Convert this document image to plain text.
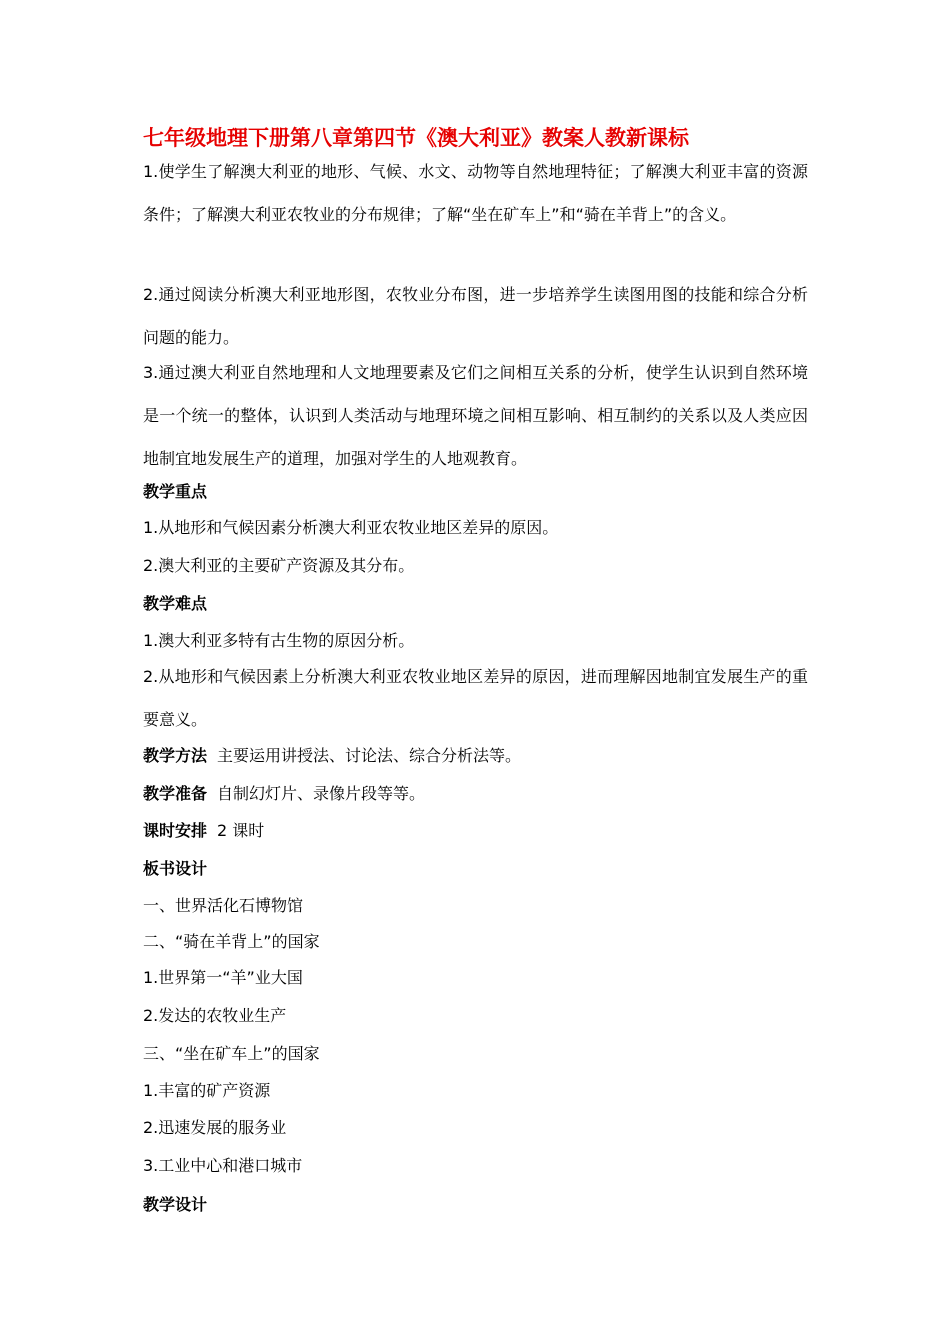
七年级地理下册第八章第四节《澳大利亚》教案人教新课标
1.使学生了解澳大利亚的地形、气候、水文、动物等自然地理特征；了解澳大利亚丰富的资源条件；了解澳大利亚农牧业的分布规律；了解“坐在矿车上”和“骑在羊背上”的含义。
2.通过阅读分析澳大利亚地形图，农牧业分布图，进一步培养学生读图用图的技能和综合分析问题的能力。
3.通过澳大利亚自然地理和人文地理要素及它们之间相互关系的分析，使学生认识到自然环境是一个统一的整体，认识到人类活动与地理环境之间相互影响、相互制约的关系以及人类应因地制宜地发展生产的道理，加强对学生的人地观教育。
教学重点
1.从地形和气候因素分析澳大利亚农牧业地区差异的原因。
2.澳大利亚的主要矿产资源及其分布。
教学难点
1.澳大利亚多特有古生物的原因分析。
2.从地形和气候因素上分析澳大利亚农牧业地区差异的原因，进而理解因地制宜发展生产的重要意义。
教学方法 主要运用讲授法、讨论法、综合分析法等。
教学准备 自制幻灯片、录像片段等等。
课时安排 2 课时
板书设计
一、世界活化石博物馆
二、“骑在羊背上”的国家
1.世界第一“羊”业大国
2.发达的农牧业生产
三、“坐在矿车上”的国家
1.丰富的矿产资源
2.迅速发展的服务业
3.工业中心和港口城市
教学设计
